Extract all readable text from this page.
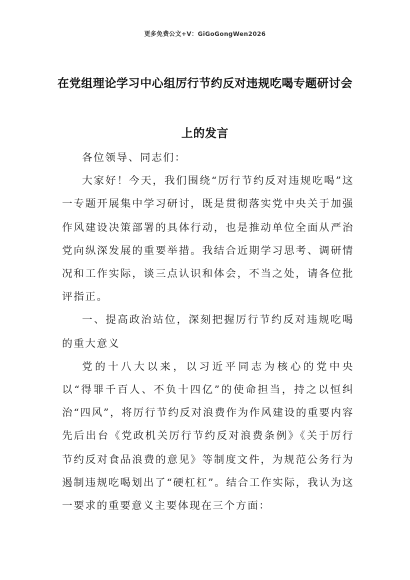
更多免费公文+V：GiGoGongWen2026
在党组理论学习中心组厉行节约反对违规吃喝专题研讨会
上的发言

各位领导、同志们：

大家好！今天，我们围绕“厉行节约反对违规吃喝”这一专题开展集中学习研讨，既是贯彻落实党中央关于加强作风建设决策部署的具体行动，也是推动单位全面从严治党向纵深发展的重要举措。我结合近期学习思考、调研情况和工作实际，谈三点认识和体会，不当之处，请各位批评指正。

一、提高政治站位，深刻把握厉行节约反对违规吃喝的重大意义

党的十八大以来，以习近平同志为核心的党中央以“得罪千百人、不负十四亿”的使命担当，持之以恒纠治“四风”，将厉行节约反对浪费作为作风建设的重要内容先后出台《党政机关厉行节约反对浪费条例》《关于厉行节约反对食品浪费的意见》等制度文件，为规范公务行为遏制违规吃喝划出了“硬杠杠”。结合工作实际，我认为这一要求的重要意义主要体现在三个方面：
